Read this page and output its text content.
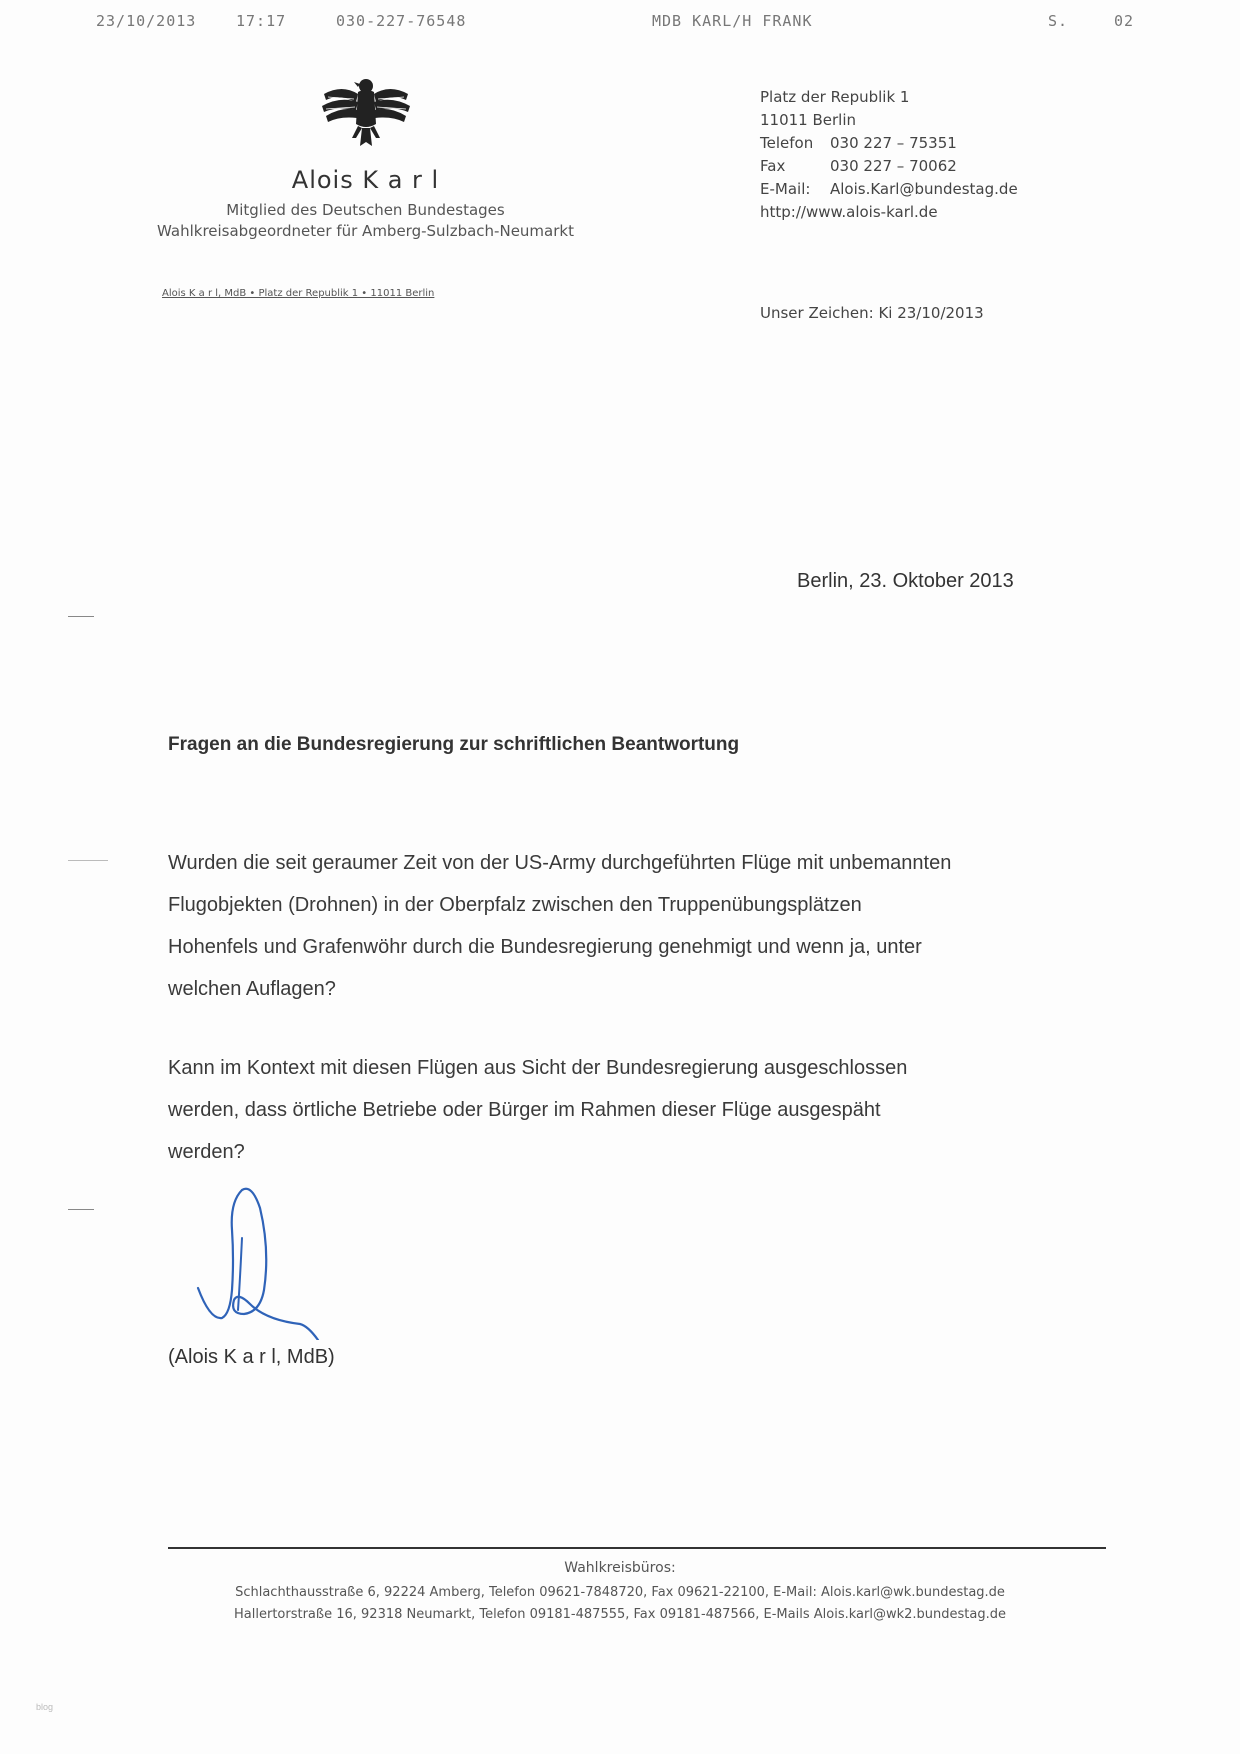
23/10/2013	17:17	030-227-76548	MDB KARL/H FRANK	S.	02
Alois K a r l
Mitglied des Deutschen Bundestages
Wahlkreisabgeordneter für Amberg-Sulzbach-Neumarkt
Alois K a r l, MdB • Platz der Republik 1 • 11011 Berlin
Platz der Republik 1
11011 Berlin
Telefon	030 227 – 75351
Fax	030 227 – 70062
E-Mail:	Alois.Karl@bundestag.de
http://www.alois-karl.de
Unser Zeichen: Ki 23/10/2013
Berlin, 23. Oktober 2013
Fragen an die Bundesregierung zur schriftlichen Beantwortung
Wurden die seit geraumer Zeit von der US-Army durchgeführten Flüge mit unbemannten
Flugobjekten (Drohnen) in der Oberpfalz zwischen den Truppenübungsplätzen
Hohenfels und Grafenwöhr durch die Bundesregierung genehmigt und wenn ja, unter
welchen Auflagen?
Kann im Kontext mit diesen Flügen aus Sicht der Bundesregierung ausgeschlossen
werden, dass örtliche Betriebe oder Bürger im Rahmen dieser Flüge ausgespäht
werden?
(Alois K a r l, MdB)
Wahlkreisbüros:
Schlachthausstraße 6, 92224 Amberg, Telefon 09621-7848720, Fax 09621-22100, E-Mail: Alois.karl@wk.bundestag.de
Hallertorstraße 16, 92318 Neumarkt, Telefon 09181-487555, Fax 09181-487566, E-Mails Alois.karl@wk2.bundestag.de
blog
